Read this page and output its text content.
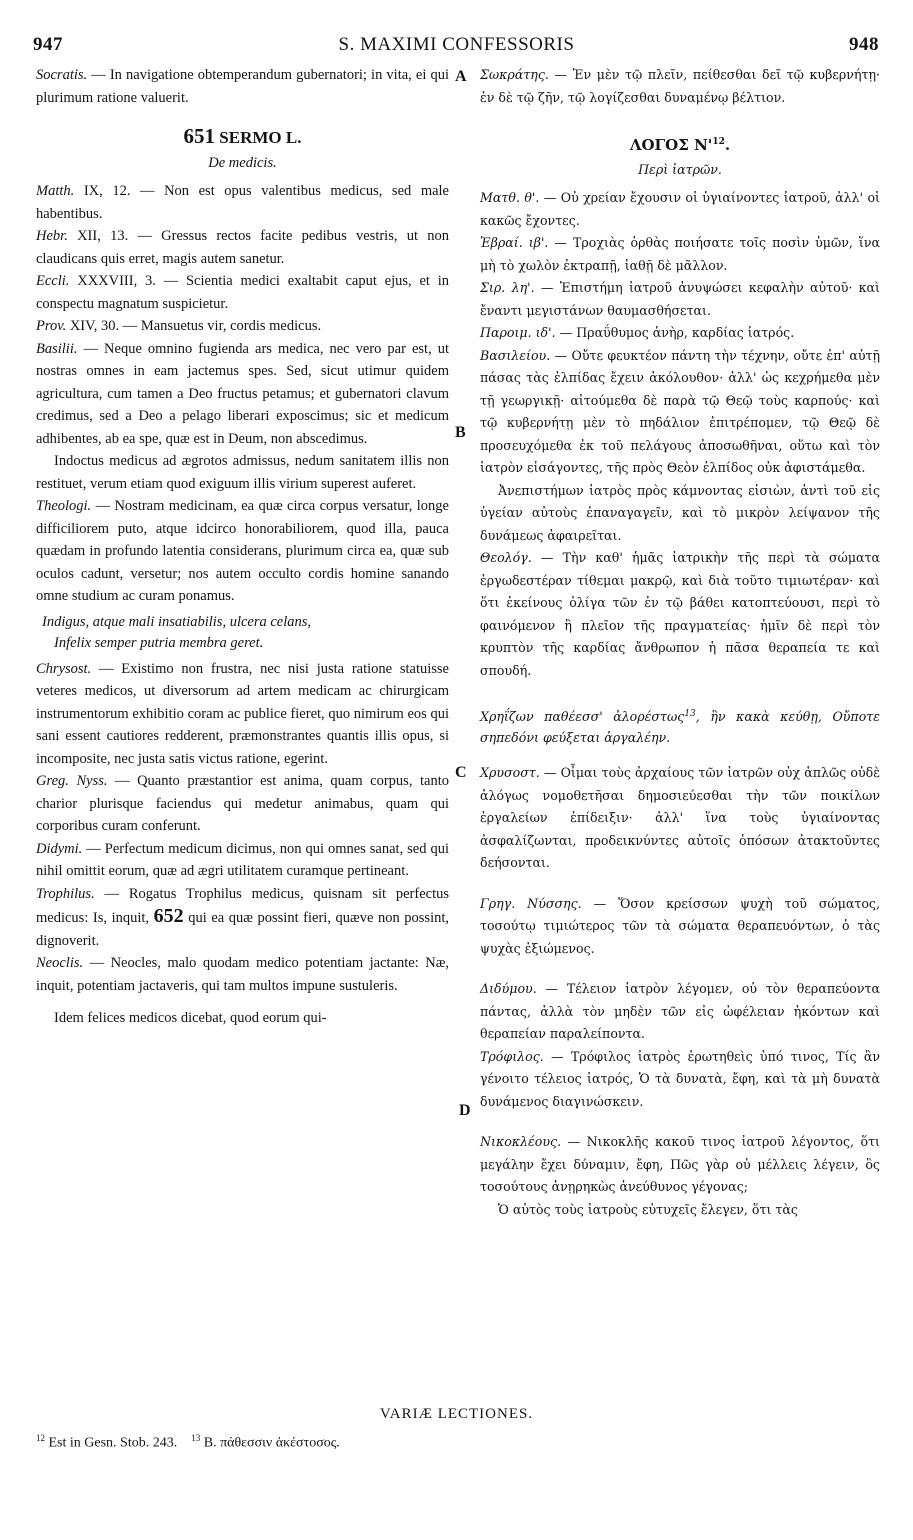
S. MAXIMI CONFESSORIS
947	948
A
B
C
D

Socratis. — In navigatione obtemperandum gubernatori; in vita, ei qui plurimum ratione valuerit.

651 SERMO L.
De medicis.

Matth. IX, 12. — Non est opus valentibus medicus, sed male habentibus.

Hebr. XII, 13. — Gressus rectos facite pedibus vestris, ut non claudicans quis erret, magis autem sanetur.

Eccli. XXXVIII, 3. — Scientia medici exaltabit caput ejus, et in conspectu magnatum suspicietur.

Prov. XIV, 30. — Mansuetus vir, cordis medicus.

Basilii. — Neque omnino fugienda ars medica, nec vero par est, ut nostras omnes in eam jactemus spes. Sed, sicut utimur quidem agricultura, cum tamen a Deo fructus petamus; et gubernatori clavum credimus, sed a Deo a pelago liberari exposcimus; sic et medicum adhibentes, ab ea spe, quæ est in Deum, non abscedimus.

Indoctus medicus ad ægrotos admissus, nedum sanitatem illis non restituet, verum etiam quod exiguum illis virium superest auferet.

Theologi. — Nostram medicinam, ea quæ circa corpus versatur, longe difficiliorem puto, atque idcirco honorabiliorem, quod illa, pauca quædam in profundo latentia considerans, plurimum circa ea, quæ sub oculos cadunt, versetur; nos autem occulto cordis homine sanando omne studium ac curam ponamus.

Indigus, atque mali insatiabilis, ulcera celans,
Infelix semper putria membra geret.

Chrysost. — Existimo non frustra, nec nisi justa ratione statuisse veteres medicos, ut diversorum ad artem medicam ac chirurgicam instrumentorum exhibitio coram ac publice fieret, quo nimirum eos qui sani essent cautiores redderent, præmonstrantes quantis illis opus, si incomposite, nec justa satis victus ratione, egerint.

Greg. Nyss. — Quanto præstantior est anima, quam corpus, tanto charior plurisque faciendus qui medetur animabus, quam qui corporibus curam conferunt.

Didymi. — Perfectum medicum dicimus, non qui omnes sanat, sed qui nihil omittit eorum, quæ ad ægri utilitatem curamque pertineant.

Trophilus. — Rogatus Trophilus medicus, quisnam sit perfectus medicus: Is, inquit, 652 qui ea quæ possint fieri, quæve non possint, dignoverit.

Neoclis. — Neocles, malo quodam medico potentiam jactante: Næ, inquit, potentiam jactaveris, qui tam multos impune sustuleris.

Idem felices medicos dicebat, quod eorum qui-

Σωκράτης. — Ἐν μὲν τῷ πλεῖν, πείθεσθαι δεῖ τῷ κυβερνήτῃ· ἐν δὲ τῷ ζῆν, τῷ λογίζεσθαι δυναμένῳ βέλτιον.

ΛΟΓΟΣ $N'^{12}$.
Περὶ ἰατρῶν.

Ματθ. θ'. — Οὐ χρείαν ἔχουσιν οἱ ὑγιαίνοντες ἰατροῦ, ἀλλ' οἱ κακῶς ἔχοντες.

Ἑβραί. ιβ'. — Τροχιὰς ὀρθὰς ποιήσατε τοῖς ποσὶν ὑμῶν, ἵνα μὴ τὸ χωλὸν ἐκτραπῇ, ἰαθῇ δὲ μᾶλλον.

Σιρ. λη'. — Ἐπιστήμη ἰατροῦ ἀνυψώσει κεφαλὴν αὐτοῦ· καὶ ἔναντι μεγιστάνων θαυμασθήσεται.

Παροιμ. ιδ'. — Πραΰθυμος ἀνὴρ, καρδίας ἰατρός.

Βασιλείου. — Οὔτε φευκτέον πάντη τὴν τέχνην, οὔτε ἐπ' αὐτῇ πάσας τὰς ἐλπίδας ἔχειν ἀκόλουθον· ἀλλ' ὡς κεχρήμεθα μὲν τῇ γεωργικῇ· αἰτούμεθα δὲ παρὰ τῷ Θεῷ τοὺς καρπούς· καὶ τῷ κυβερνήτῃ μὲν τὸ πηδάλιον ἐπιτρέπομεν, τῷ Θεῷ δὲ προσευχόμεθα ἐκ τοῦ πελάγους ἀποσωθῆναι, οὕτω καὶ τὸν ἰατρὸν εἰσάγοντες, τῆς πρὸς Θεὸν ἐλπίδος οὐκ ἀφιστάμεθα.

Ἀνεπιστήμων ἰατρὸς πρὸς κάμνοντας εἰσιὼν, ἀντὶ τοῦ εἰς ὑγείαν αὐτοὺς ἐπαναγαγεῖν, καὶ τὸ μικρὸν λείψανον τῆς δυνάμεως ἀφαιρεῖται.

Θεολόγ. — Τὴν καθ' ἡμᾶς ἰατρικὴν τῆς περὶ τὰ σώματα ἐργωδεστέραν τίθεμαι μακρῷ, καὶ διὰ τοῦτο τιμιωτέραν· καὶ ὅτι ἐκείνους ὀλίγα τῶν ἐν τῷ βάθει κατοπτεύουσι, περὶ τὸ φαινόμενον ἢ πλεῖον τῆς πραγματείας· ἡμῖν δὲ περὶ τὸν κρυπτὸν τῆς καρδίας ἄνθρωπον ἡ πᾶσα θεραπεία τε καὶ σπουδή.

Χρηΐζων παθέεσσ' ἀλορέστως$^{13}$, ἣν κακὰ κεύθῃ, Οὔποτε σηπεδόνι φεύξεται ἀργαλέην.

Χρυσοστ. — Οἶμαι τοὺς ἀρχαίους τῶν ἰατρῶν οὐχ ἁπλῶς οὐδὲ ἀλόγως νομοθετῆσαι δημοσιεύεσθαι τὴν τῶν ποικίλων ἐργαλείων ἐπίδειξιν· ἀλλ' ἵνα τοὺς ὑγιαίνοντας ἀσφαλίζωνται, προδεικνύντες αὐτοῖς ὁπόσων ἀτακτοῦντες δεήσονται.

Γρηγ. Νύσσης. — Ὅσον κρείσσων ψυχὴ τοῦ σώματος, τοσούτῳ τιμιώτερος τῶν τὰ σώματα θεραπευόντων, ὁ τὰς ψυχὰς ἐξιώμενος.

Διδύμου. — Τέλειον ἰατρὸν λέγομεν, οὐ τὸν θεραπεύοντα πάντας, ἀλλὰ τὸν μηδὲν τῶν εἰς ὠφέλειαν ἡκόντων καὶ θεραπείαν παραλείποντα.

Τρόφιλος. — Τρόφιλος ἰατρὸς ἐρωτηθεὶς ὑπό τινος, Τίς ἂν γένοιτο τέλειος ἰατρός, Ὁ τὰ δυνατὰ, ἔφη, καὶ τὰ μὴ δυνατὰ δυνάμενος διαγινώσκειν.

Νικοκλέους. — Νικοκλῆς κακοῦ τινος ἰατροῦ λέγοντος, ὅτι μεγάλην ἔχει δύναμιν, ἔφη, Πῶς γὰρ οὐ μέλλεις λέγειν, ὃς τοσούτους ἀνῃρηκὼς ἀνεύθυνος γέγονας;

Ὁ αὐτὸς τοὺς ἰατροὺς εὐτυχεῖς ἔλεγεν, ὅτι τὰς

VARIÆ LECTIONES.
$^{12}$ Est in Gesn. Stob. 243. $^{13}$ B. πάθεσσιν ἀκέστοσος.
